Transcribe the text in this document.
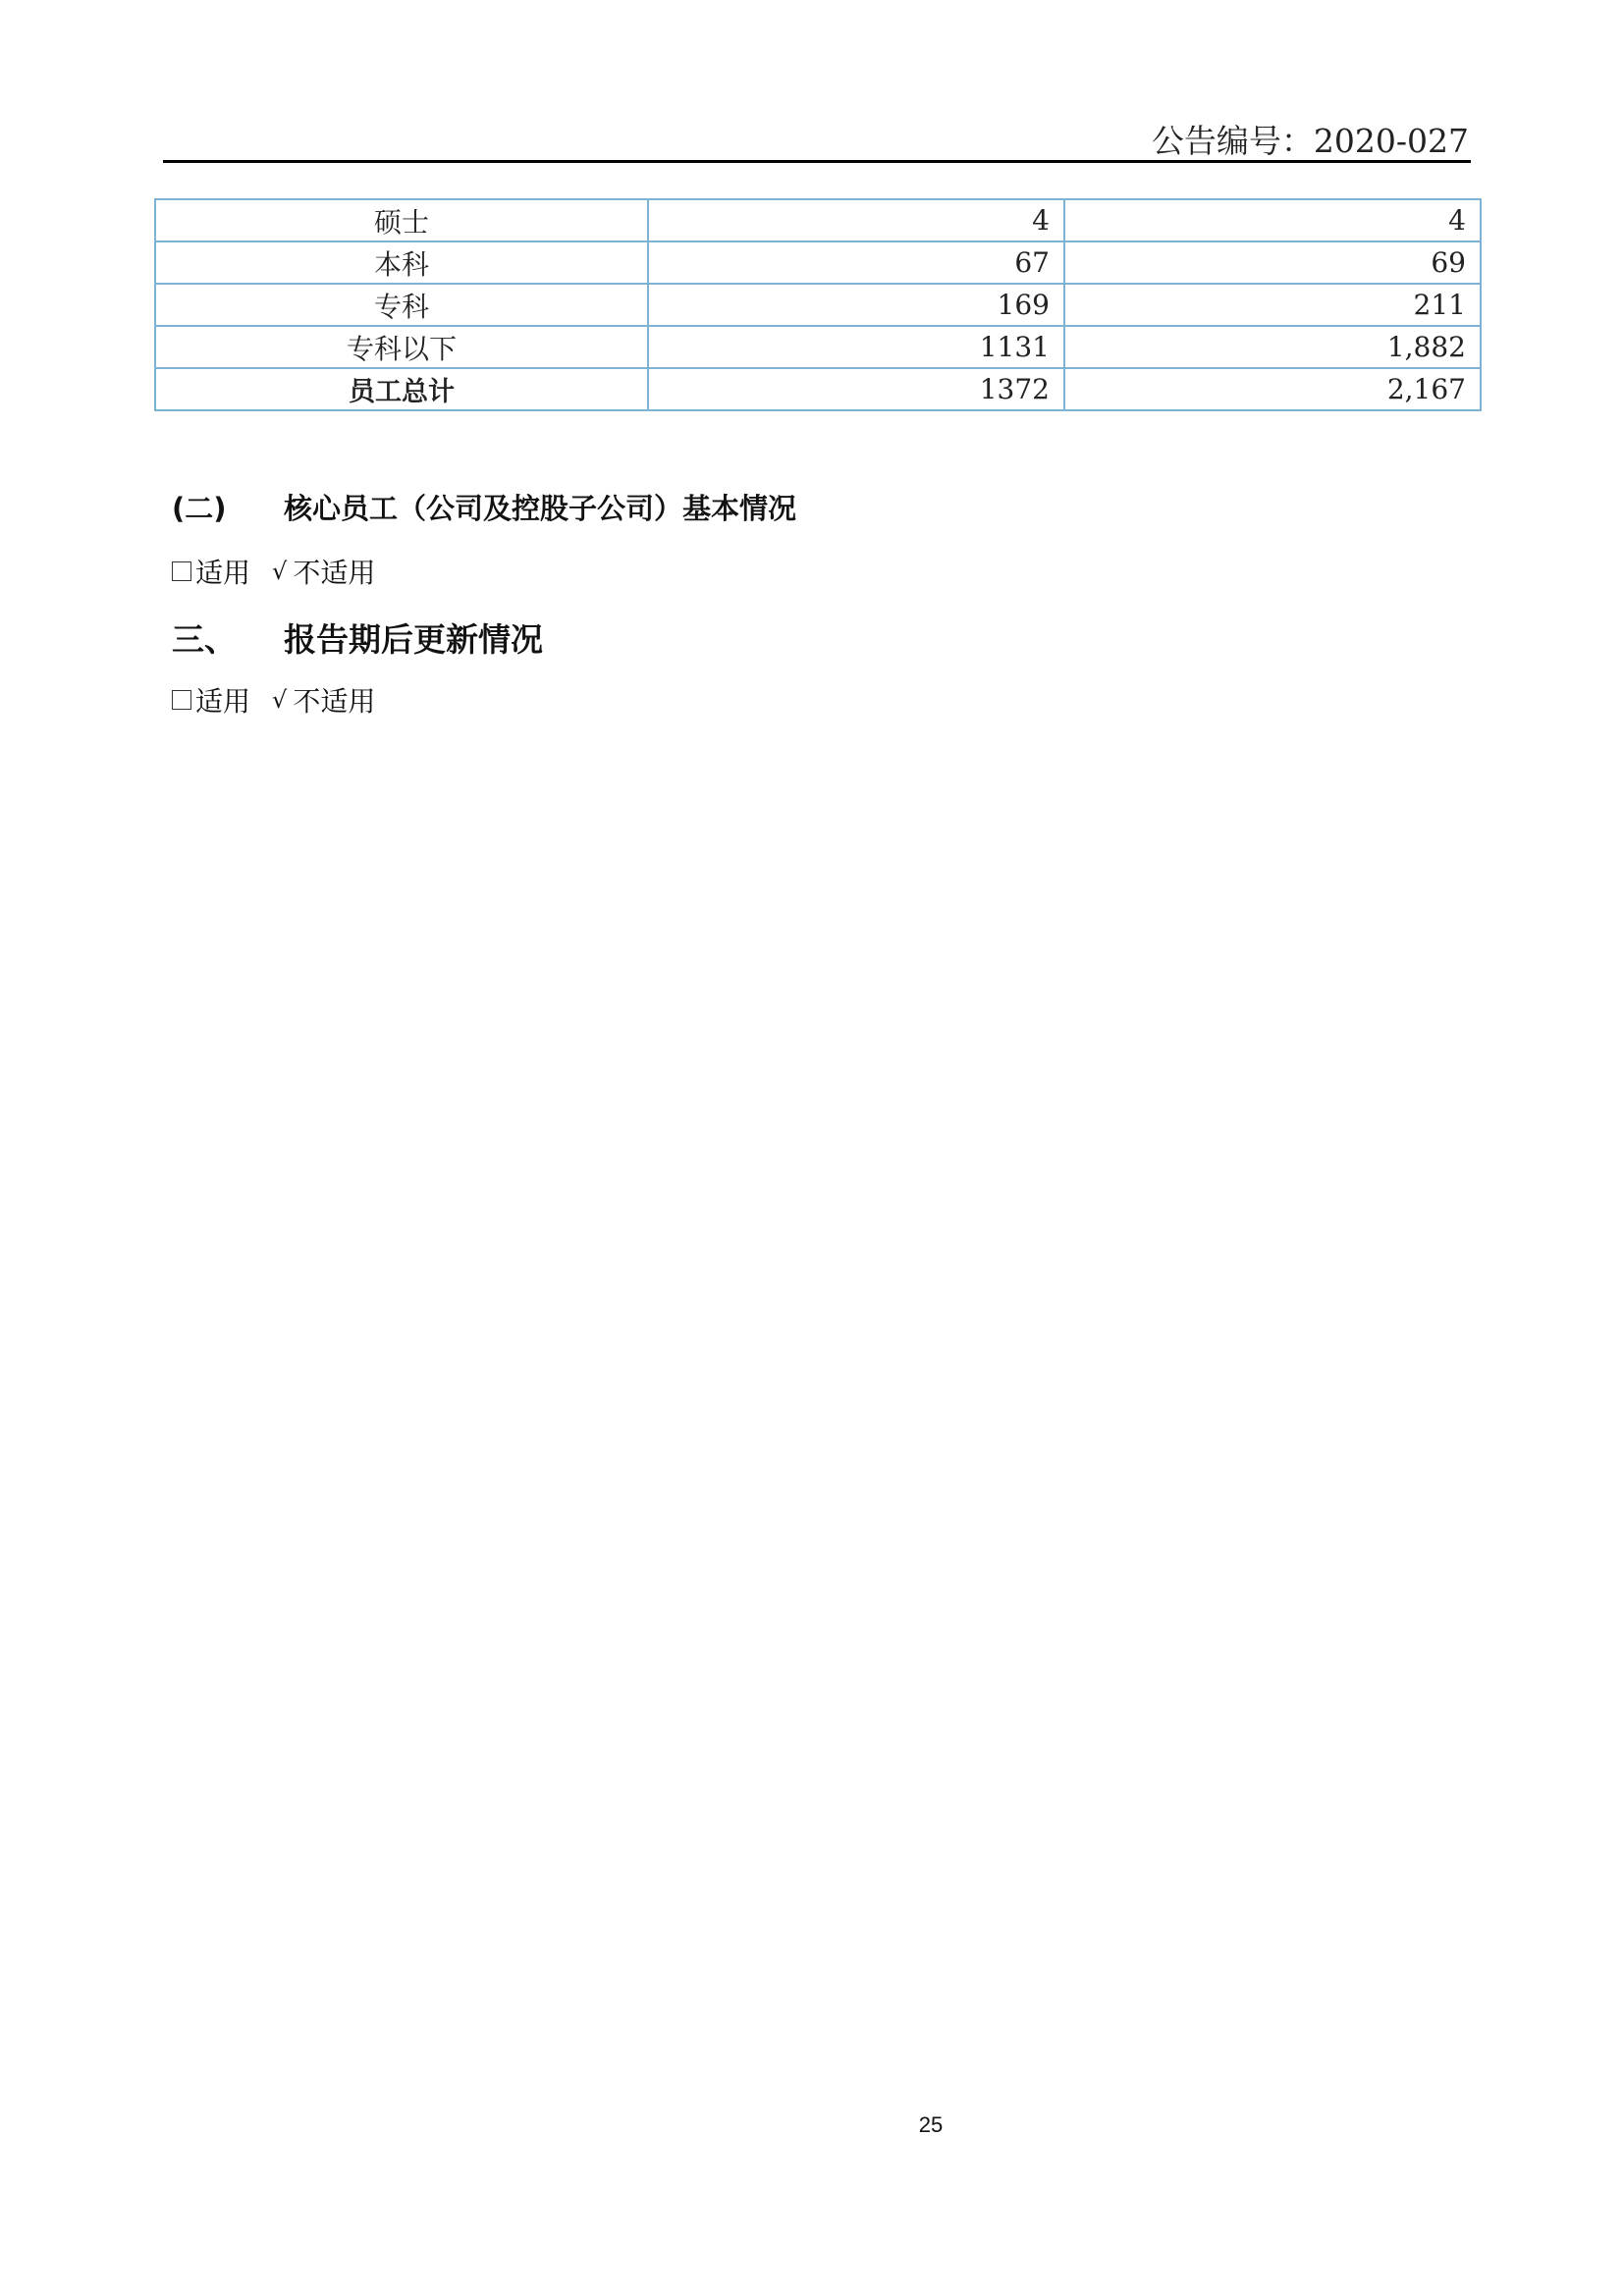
公告编号：2020-027
硕士	4	4
本科	67	69
专科	169	211
专科以下	1131	1,882
员工总计	1372	2,167
(二) 核心员工（公司及控股子公司）基本情况
适用 √ 不适用
三、 报告期后更新情况
适用 √ 不适用
25
